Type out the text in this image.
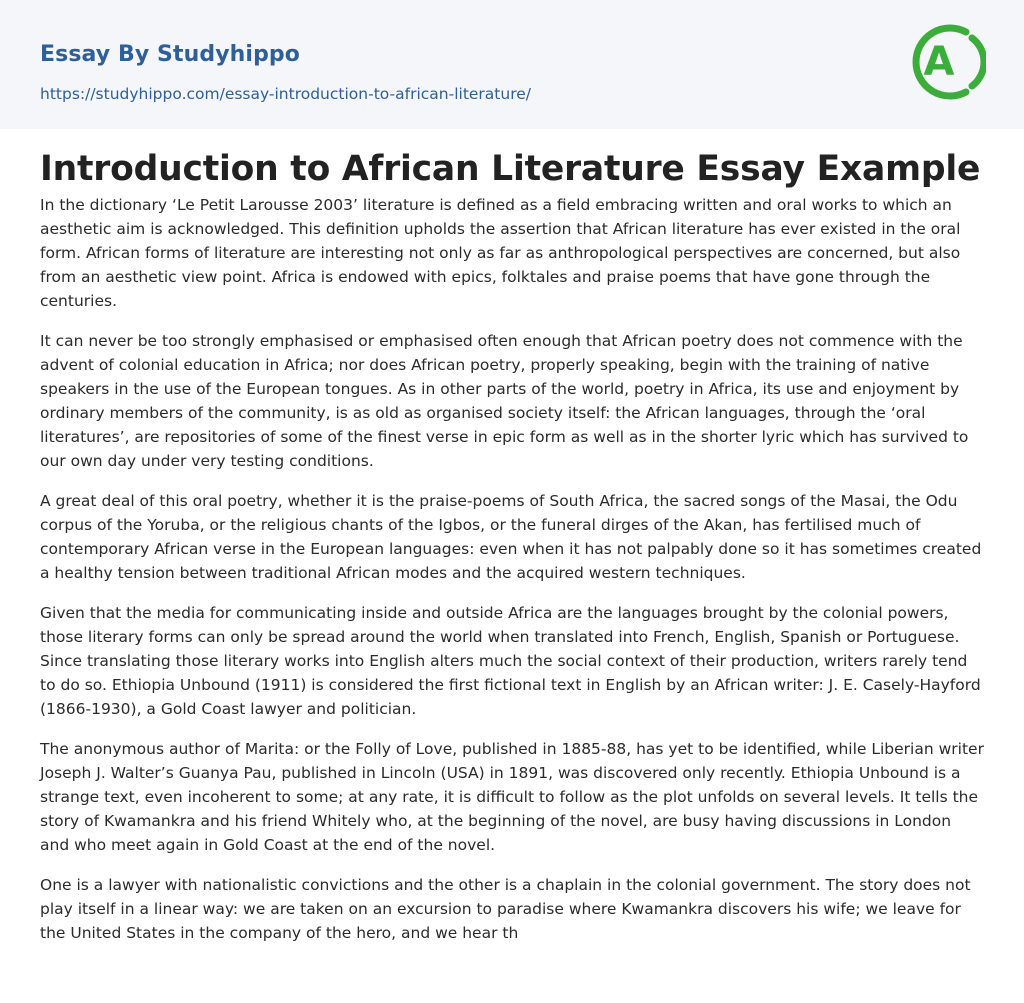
Essay By Studyhippo
https://studyhippo.com/essay-introduction-to-african-literature/
A
Introduction to African Literature Essay Example

In the dictionary ‘Le Petit Larousse 2003’ literature is defined as a field embracing written and oral works to which an aesthetic aim is acknowledged. This definition upholds the assertion that African literature has ever existed in the oral form. African forms of literature are interesting not only as far as anthropological perspectives are concerned, but also from an aesthetic view point. Africa is endowed with epics, folktales and praise poems that have gone through the centuries.

It can never be too strongly emphasised or emphasised often enough that African poetry does not commence with the advent of colonial education in Africa; nor does African poetry, properly speaking, begin with the training of native speakers in the use of the European tongues. As in other parts of the world, poetry in Africa, its use and enjoyment by ordinary members of the community, is as old as organised society itself: the African languages, through the ‘oral literatures’, are repositories of some of the finest verse in epic form as well as in the shorter lyric which has survived to our own day under very testing conditions.

A great deal of this oral poetry, whether it is the praise-poems of South Africa, the sacred songs of the Masai, the Odu corpus of the Yoruba, or the religious chants of the Igbos, or the funeral dirges of the Akan, has fertilised much of contemporary African verse in the European languages: even when it has not palpably done so it has sometimes created a healthy tension between traditional African modes and the acquired western techniques.

Given that the media for communicating inside and outside Africa are the languages brought by the colonial powers, those literary forms can only be spread around the world when translated into French, English, Spanish or Portuguese. Since translating those literary works into English alters much the social context of their production, writers rarely tend to do so. Ethiopia Unbound (1911) is considered the first fictional text in English by an African writer: J. E. Casely-Hayford (1866-1930), a Gold Coast lawyer and politician.

The anonymous author of Marita: or the Folly of Love, published in 1885-88, has yet to be identified, while Liberian writer Joseph J. Walter’s Guanya Pau, published in Lincoln (USA) in 1891, was discovered only recently. Ethiopia Unbound is a strange text, even incoherent to some; at any rate, it is difficult to follow as the plot unfolds on several levels. It tells the story of Kwamankra and his friend Whitely who, at the beginning of the novel, are busy having discussions in London and who meet again in Gold Coast at the end of the novel.

One is a lawyer with nationalistic convictions and the other is a chaplain in the colonial government. The story does not play itself in a linear way: we are taken on an excursion to paradise where Kwamankra discovers his wife; we leave for the United States in the company of the hero, and we hear th
